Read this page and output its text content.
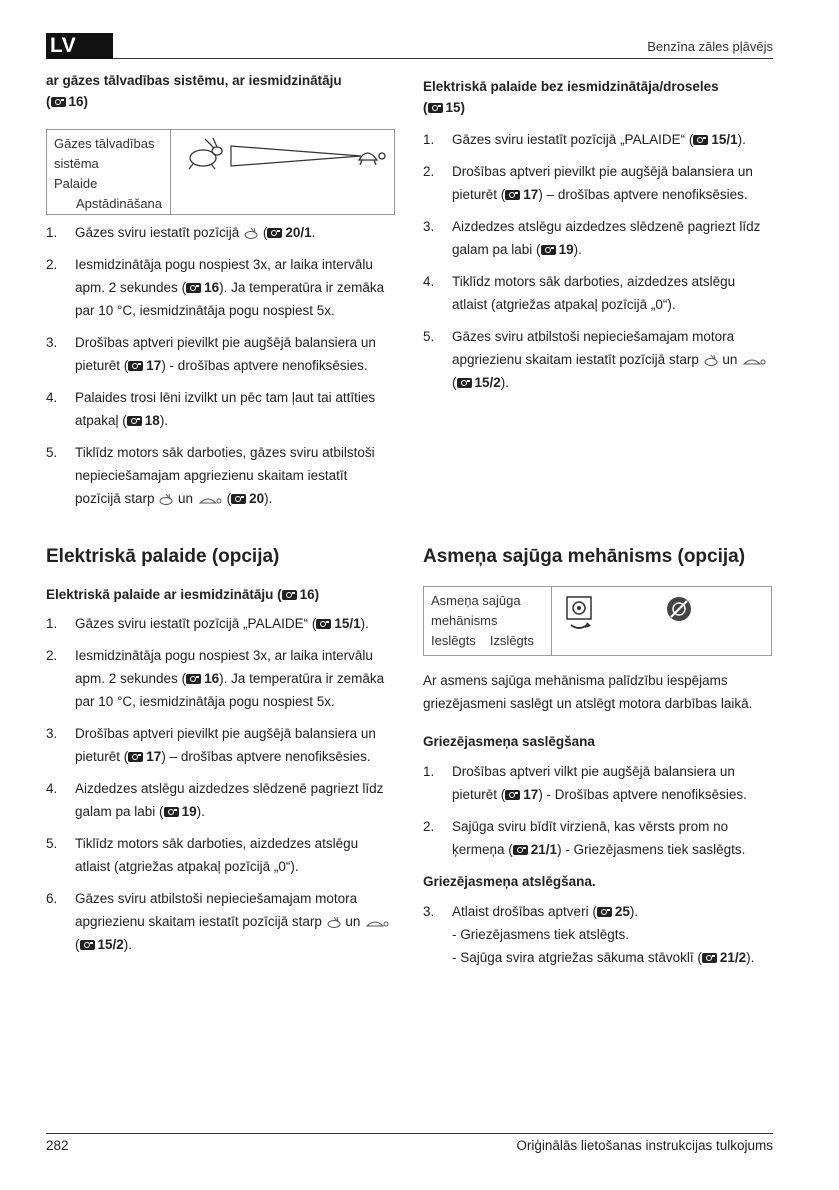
LV	Benzīna zāles pļāvējs
ar gāzes tālvadības sistēmu, ar iesmidzinātāju
( 16)
Gāzes tālvadības
sistēma
Palaide
Apstādināšana
1. Gāzes sviru iestatīt pozīcijā  ( 20/1.
2. Iesmidzinātāja pogu nospiest 3x, ar laika intervālu apm. 2 sekundes ( 16). Ja temperatūra ir zemāka par 10 °C, iesmidzinātāja pogu nospiest 5x.
3. Drošības aptveri pievilkt pie augšējā balansiera un pieturēt ( 17) - drošības aptvere nenofiksēsies.
4. Palaides trosi lēni izvilkt un pēc tam ļaut tai attīties atpakaļ ( 18).
5. Tiklīdz motors sāk darboties, gāzes sviru atbilstoši nepieciešamajam apgriezienu skaitam iestatīt pozīcijā starp  un  ( 20).
Elektriskā palaide (opcija)
Elektriskā palaide ar iesmidzinātāju ( 16)
1. Gāzes sviru iestatīt pozīcijā „PALAIDE“ ( 15/1).
2. Iesmidzinātāja pogu nospiest 3x, ar laika intervālu apm. 2 sekundes ( 16). Ja temperatūra ir zemāka par 10 °C, iesmidzinātāja pogu nospiest 5x.
3. Drošības aptveri pievilkt pie augšējā balansiera un pieturēt ( 17) – drošības aptvere nenofiksēsies.
4. Aizdedzes atslēgu aizdedzes slēdzenē pagriezt līdz galam pa labi ( 19).
5. Tiklīdz motors sāk darboties, aizdedzes atslēgu atlaist (atgriežas atpakaļ pozīcijā „0“).
6. Gāzes sviru atbilstoši nepieciešamajam motora apgriezienu skaitam iestatīt pozīcijā starp  un  ( 15/2).
Elektriskā palaide bez iesmidzinātāja/droseles
( 15)
1. Gāzes sviru iestatīt pozīcijā „PALAIDE“ ( 15/1).
2. Drošības aptveri pievilkt pie augšējā balansiera un pieturēt ( 17) – drošības aptvere nenofiksēsies.
3. Aizdedzes atslēgu aizdedzes slēdzenē pagriezt līdz galam pa labi ( 19).
4. Tiklīdz motors sāk darboties, aizdedzes atslēgu atlaist (atgriežas atpakaļ pozīcijā „0“).
5. Gāzes sviru atbilstoši nepieciešamajam motora apgriezienu skaitam iestatīt pozīcijā starp  un  ( 15/2).
Asmeņa sajūga mehānisms (opcija)
Asmeņa sajūga
mehānisms
Ieslēgts Izslēgts
Ar asmens sajūga mehānisma palīdzību iespējams griezējasmeni saslēgt un atslēgt motora darbības laikā.
Griezējasmeņa saslēgšana
1. Drošības aptveri vilkt pie augšējā balansiera un pieturēt ( 17) - Drošības aptvere nenofiksēsies.
2. Sajūga sviru bīdīt virzienā, kas vērsts prom no ķermeņa ( 21/1) - Griezējasmens tiek saslēgts.
Griezējasmeņa atslēgšana.
3. Atlaist drošības aptveri ( 25).
- Griezējasmens tiek atslēgts.
- Sajūga svira atgriežas sākuma stāvoklī ( 21/2).
282	Oriģinālās lietošanas instrukcijas tulkojums
